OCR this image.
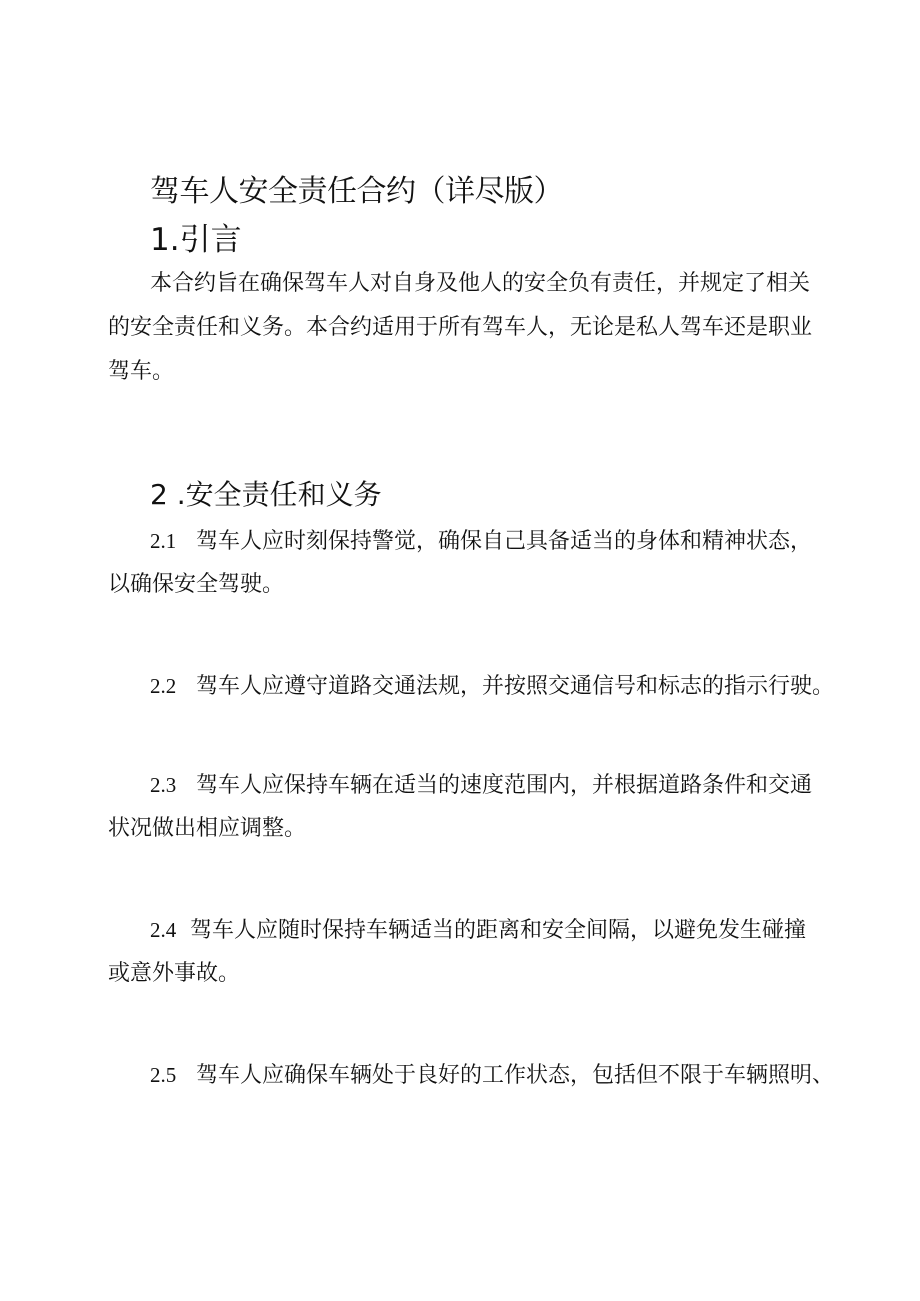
驾车人安全责任合约（详尽版）
1.引言
本合约旨在确保驾车人对自身及他人的安全负有责任，并规定了相关
的安全责任和义务。本合约适用于所有驾车人，无论是私人驾车还是职业
驾车。
2 .安全责任和义务
2.1 驾车人应时刻保持警觉，确保自己具备适当的身体和精神状态，
以确保安全驾驶。
2.2 驾车人应遵守道路交通法规，并按照交通信号和标志的指示行驶。
2.3 驾车人应保持车辆在适当的速度范围内，并根据道路条件和交通
状况做出相应调整。
2.4 驾车人应随时保持车辆适当的距离和安全间隔，以避免发生碰撞
或意外事故。
2.5 驾车人应确保车辆处于良好的工作状态，包括但不限于车辆照明、
